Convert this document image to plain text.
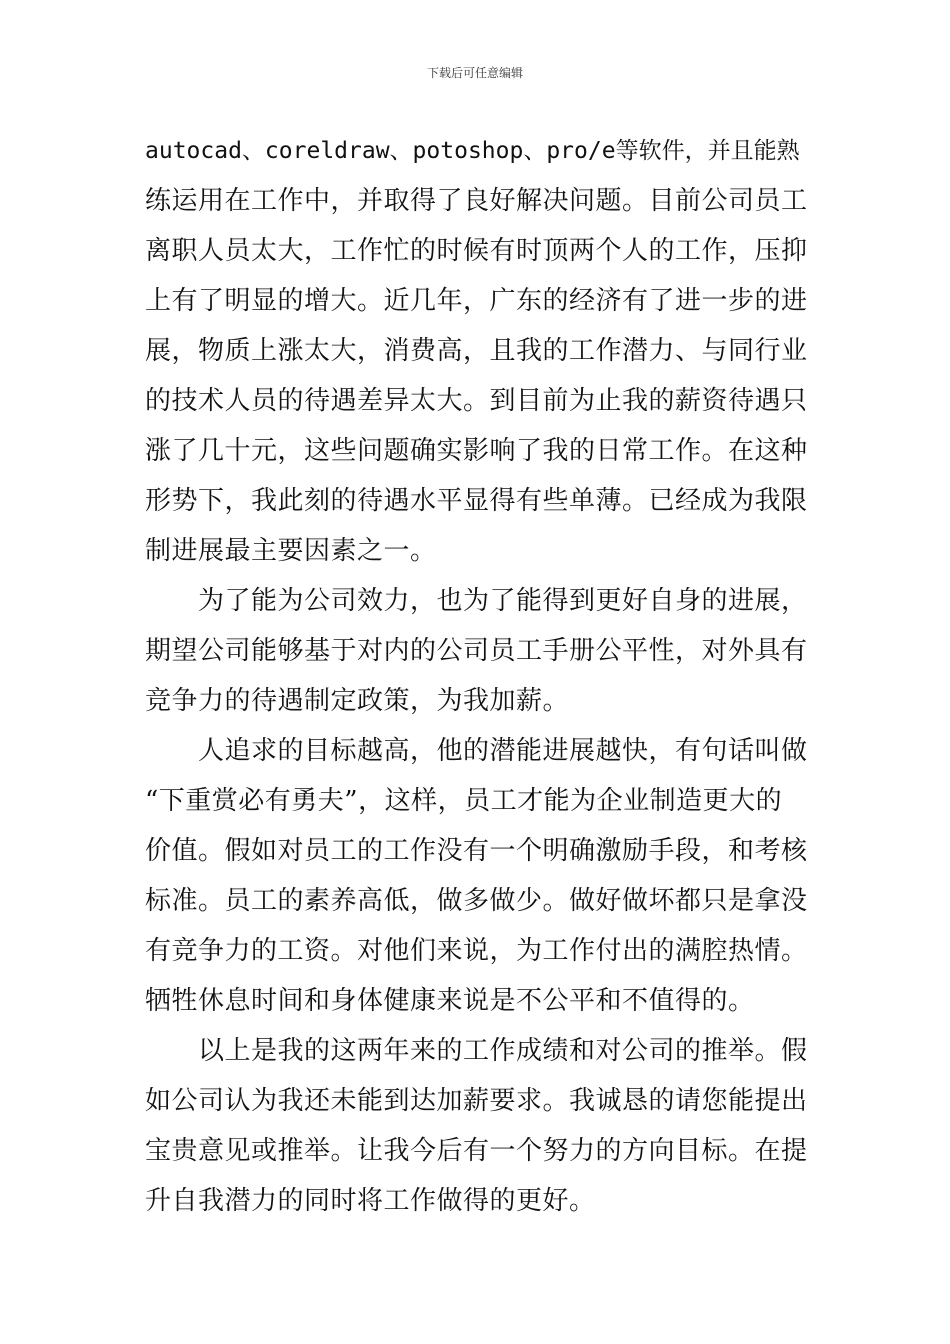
下载后可任意编辑
autocad、coreldraw、potoshop、pro/e等软件，并且能熟
练运用在工作中，并取得了良好解决问题。目前公司员工
离职人员太大，工作忙的时候有时顶两个人的工作，压抑
上有了明显的增大。近几年，广东的经济有了进一步的进
展，物质上涨太大，消费高，且我的工作潜力、与同行业
的技术人员的待遇差异太大。到目前为止我的薪资待遇只
涨了几十元，这些问题确实影响了我的日常工作。在这种
形势下，我此刻的待遇水平显得有些单薄。已经成为我限
制进展最主要因素之一。
为了能为公司效力，也为了能得到更好自身的进展，
期望公司能够基于对内的公司员工手册公平性，对外具有
竞争力的待遇制定政策，为我加薪。
人追求的目标越高，他的潜能进展越快，有句话叫做
“下重赏必有勇夫”，这样，员工才能为企业制造更大的
价值。假如对员工的工作没有一个明确激励手段，和考核
标准。员工的素养高低，做多做少。做好做坏都只是拿没
有竞争力的工资。对他们来说，为工作付出的满腔热情。
牺牲休息时间和身体健康来说是不公平和不值得的。
以上是我的这两年来的工作成绩和对公司的推举。假
如公司认为我还未能到达加薪要求。我诚恳的请您能提出
宝贵意见或推举。让我今后有一个努力的方向目标。在提
升自我潜力的同时将工作做得的更好。
